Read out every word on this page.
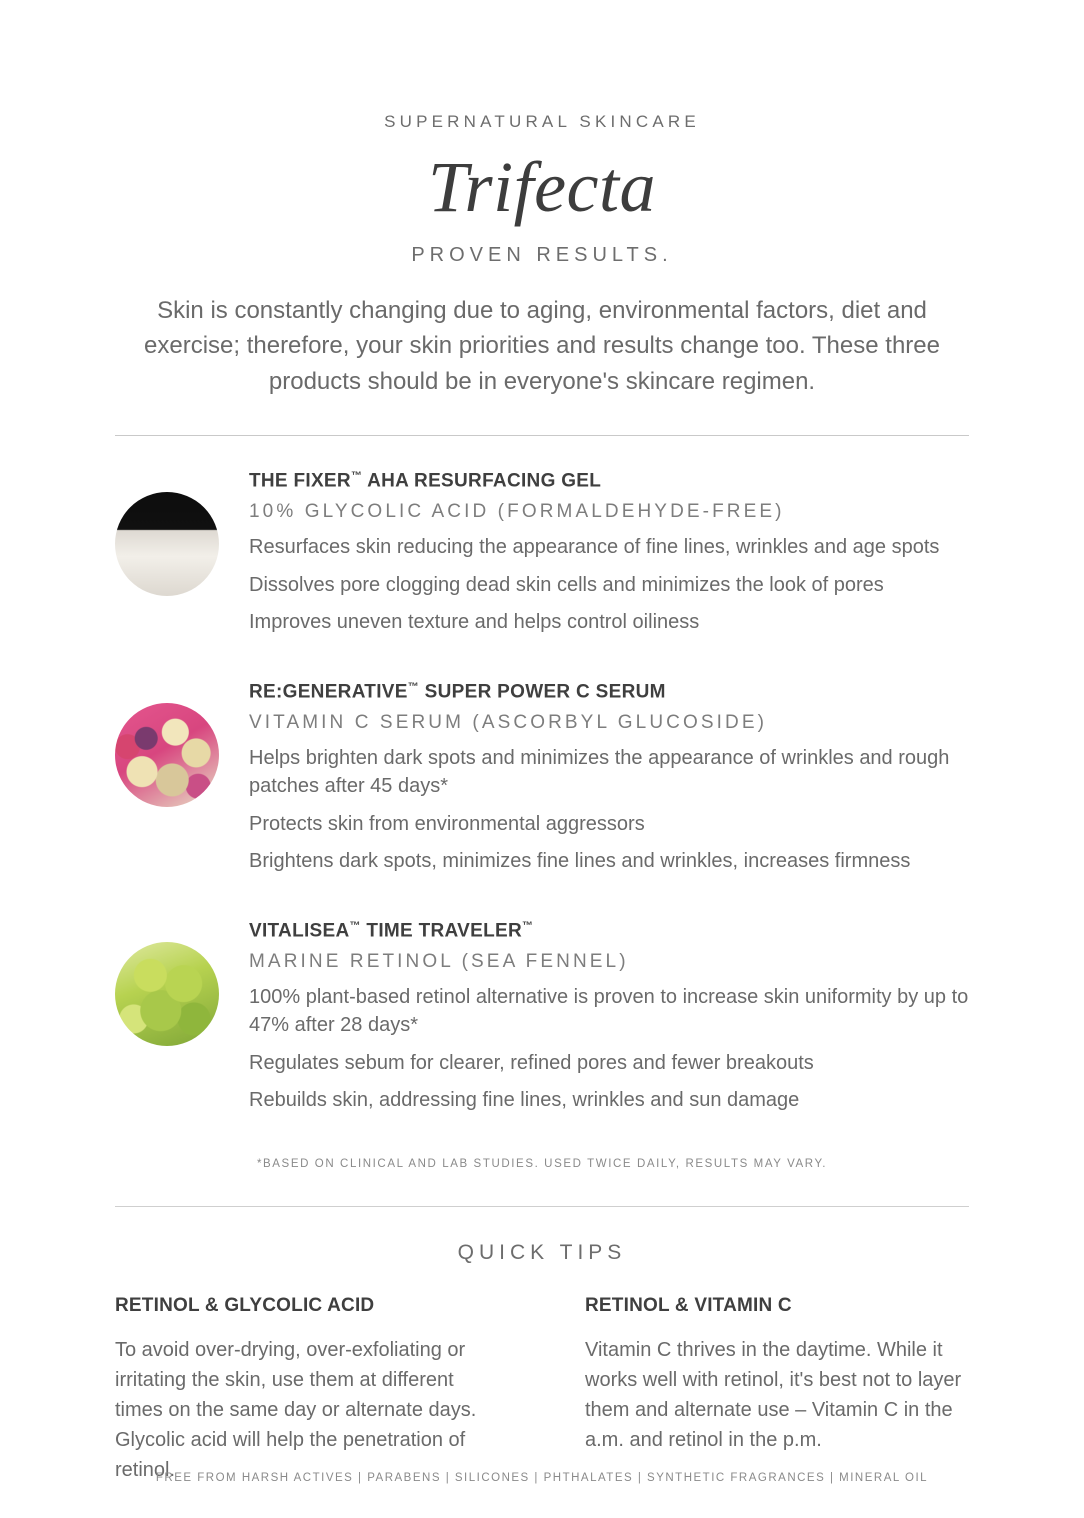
SUPERNATURAL SKINCARE
Trifecta
PROVEN RESULTS.
Skin is constantly changing due to aging, environmental factors, diet and exercise; therefore, your skin priorities and results change too. These three products should be in everyone's skincare regimen.
THE FIXER™ AHA RESURFACING GEL
10% GLYCOLIC ACID (FORMALDEHYDE-FREE)
Resurfaces skin reducing the appearance of fine lines, wrinkles and age spots
Dissolves pore clogging dead skin cells and minimizes the look of pores
Improves uneven texture and helps control oiliness
RE:GENERATIVE™ SUPER POWER C SERUM
VITAMIN C SERUM (ASCORBYL GLUCOSIDE)
Helps brighten dark spots and minimizes the appearance of wrinkles and rough patches after 45 days*
Protects skin from environmental aggressors
Brightens dark spots, minimizes fine lines and wrinkles, increases firmness
VITALISEA™ TIME TRAVELER™
MARINE RETINOL (SEA FENNEL)
100% plant-based retinol alternative is proven to increase skin uniformity by up to 47% after 28 days*
Regulates sebum for clearer, refined pores and fewer breakouts
Rebuilds skin, addressing fine lines, wrinkles and sun damage
*BASED ON CLINICAL AND LAB STUDIES. USED TWICE DAILY, RESULTS MAY VARY.
QUICK TIPS
RETINOL & GLYCOLIC ACID
To avoid over-drying, over-exfoliating or irritating the skin, use them at different times on the same day or alternate days. Glycolic acid will help the penetration of retinol.
RETINOL & VITAMIN C
Vitamin C thrives in the daytime. While it works well with retinol, it's best not to layer them and alternate use – Vitamin C in the a.m. and retinol in the p.m.
FREE FROM HARSH ACTIVES | PARABENS | SILICONES | PHTHALATES | SYNTHETIC FRAGRANCES | MINERAL OIL
